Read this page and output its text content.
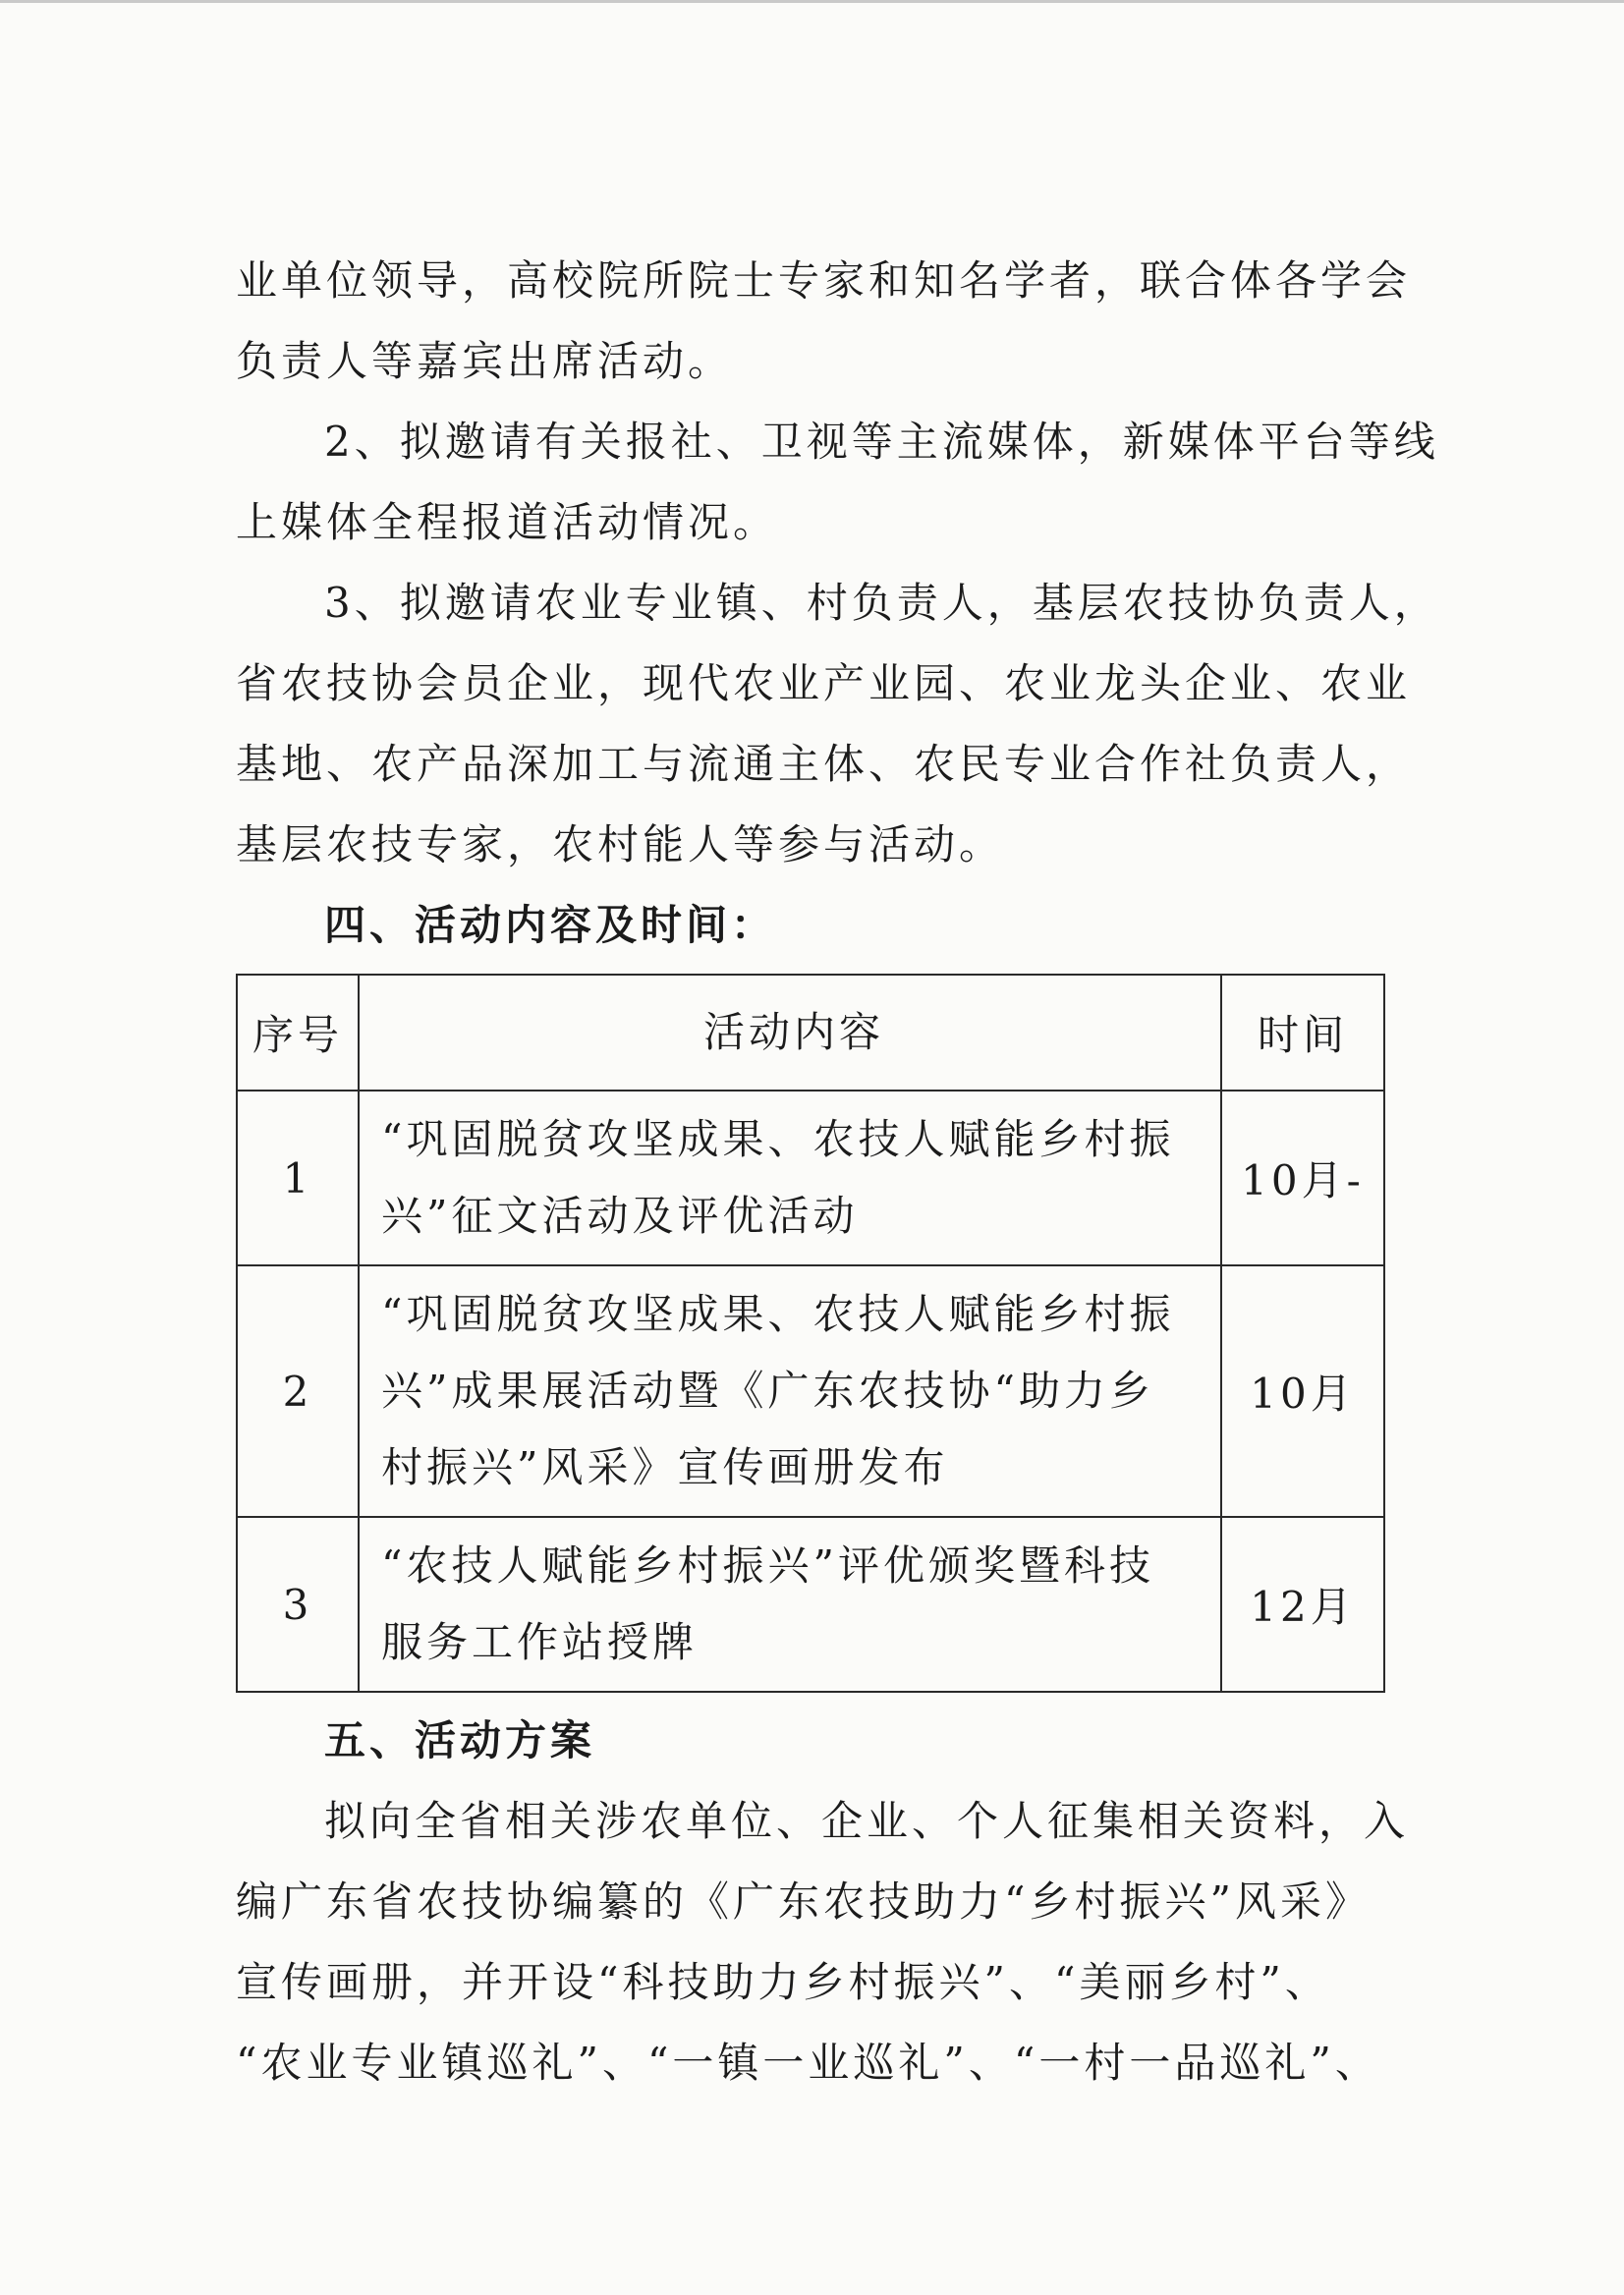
业单位领导，高校院所院士专家和知名学者，联合体各学会
负责人等嘉宾出席活动。
2、拟邀请有关报社、卫视等主流媒体，新媒体平台等线
上媒体全程报道活动情况。
3、拟邀请农业专业镇、村负责人，基层农技协负责人，
省农技协会员企业，现代农业产业园、农业龙头企业、农业
基地、农产品深加工与流通主体、农民专业合作社负责人，
基层农技专家，农村能人等参与活动。
四、活动内容及时间：
序号	活动内容	时间
1	“巩固脱贫攻坚成果、农技人赋能乡村振
兴”征文活动及评优活动	10月-
2	“巩固脱贫攻坚成果、农技人赋能乡村振
兴”成果展活动暨《广东农技协“助力乡
村振兴”风采》宣传画册发布	10月
3	“农技人赋能乡村振兴”评优颁奖暨科技
服务工作站授牌	12月
五、活动方案
拟向全省相关涉农单位、企业、个人征集相关资料，入
编广东省农技协编纂的《广东农技助力“乡村振兴”风采》
宣传画册，并开设“科技助力乡村振兴”、“美丽乡村”、
“农业专业镇巡礼”、“一镇一业巡礼”、“一村一品巡礼”、
